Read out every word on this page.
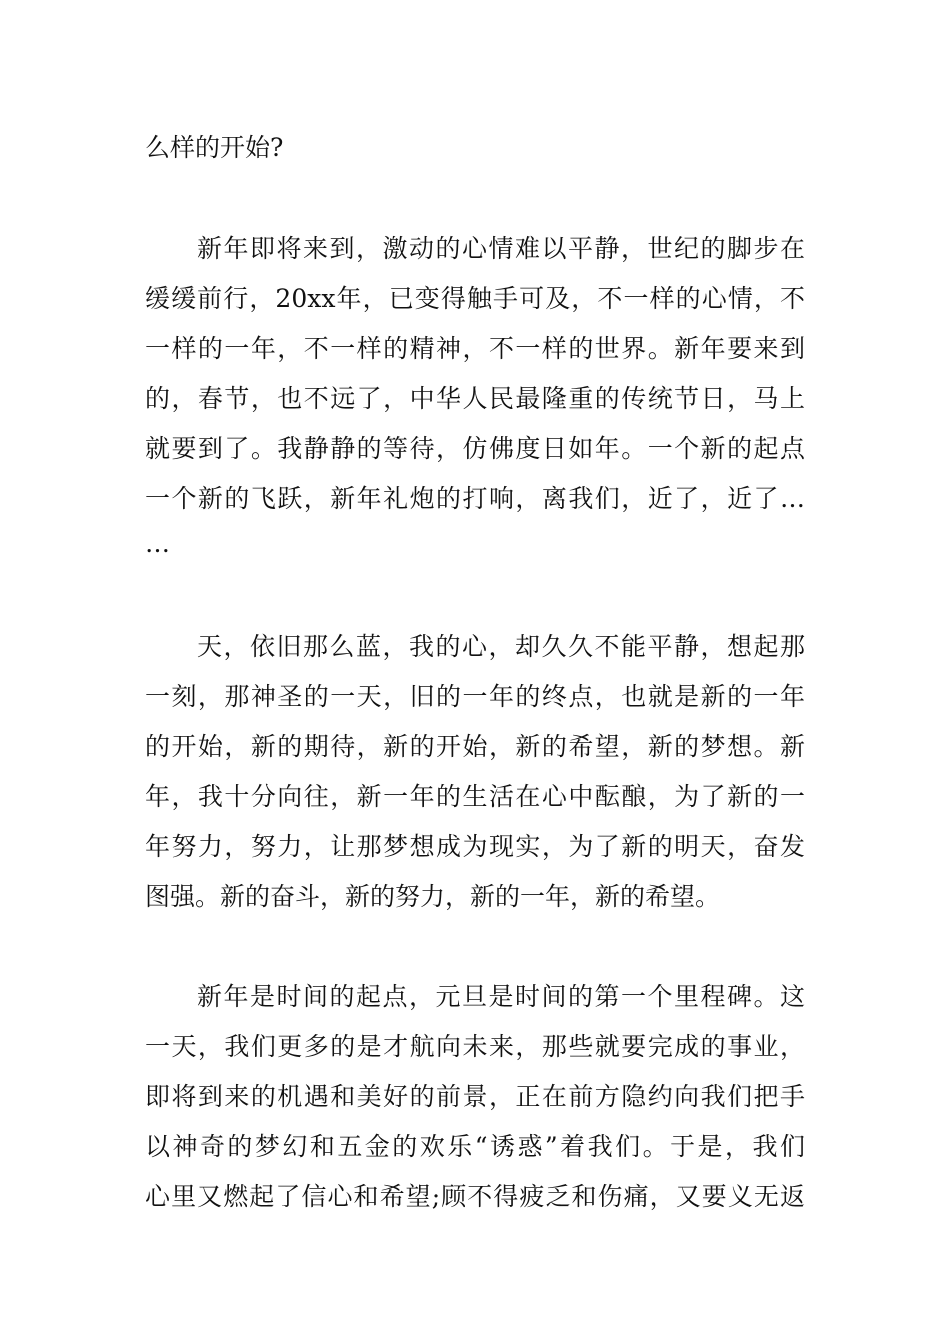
么样的开始?
新年即将来到，激动的心情难以平静，世纪的脚步在
缓缓前行，20xx年，已变得触手可及，不一样的心情，不
一样的一年，不一样的精神，不一样的世界。新年要来到
的，春节，也不远了，中华人民最隆重的传统节日，马上
就要到了。我静静的等待，仿佛度日如年。一个新的起点
一个新的飞跃，新年礼炮的打响，离我们，近了，近了…
…
天，依旧那么蓝，我的心，却久久不能平静，想起那
一刻，那神圣的一天，旧的一年的终点，也就是新的一年
的开始，新的期待，新的开始，新的希望，新的梦想。新
年，我十分向往，新一年的生活在心中酝酿，为了新的一
年努力，努力，让那梦想成为现实，为了新的明天，奋发
图强。新的奋斗，新的努力，新的一年，新的希望。
新年是时间的起点，元旦是时间的第一个里程碑。这
一天，我们更多的是才航向未来，那些就要完成的事业，
即将到来的机遇和美好的前景，正在前方隐约向我们把手
以神奇的梦幻和五金的欢乐“诱惑”着我们。于是，我们
心里又燃起了信心和希望;顾不得疲乏和伤痛，又要义无返
